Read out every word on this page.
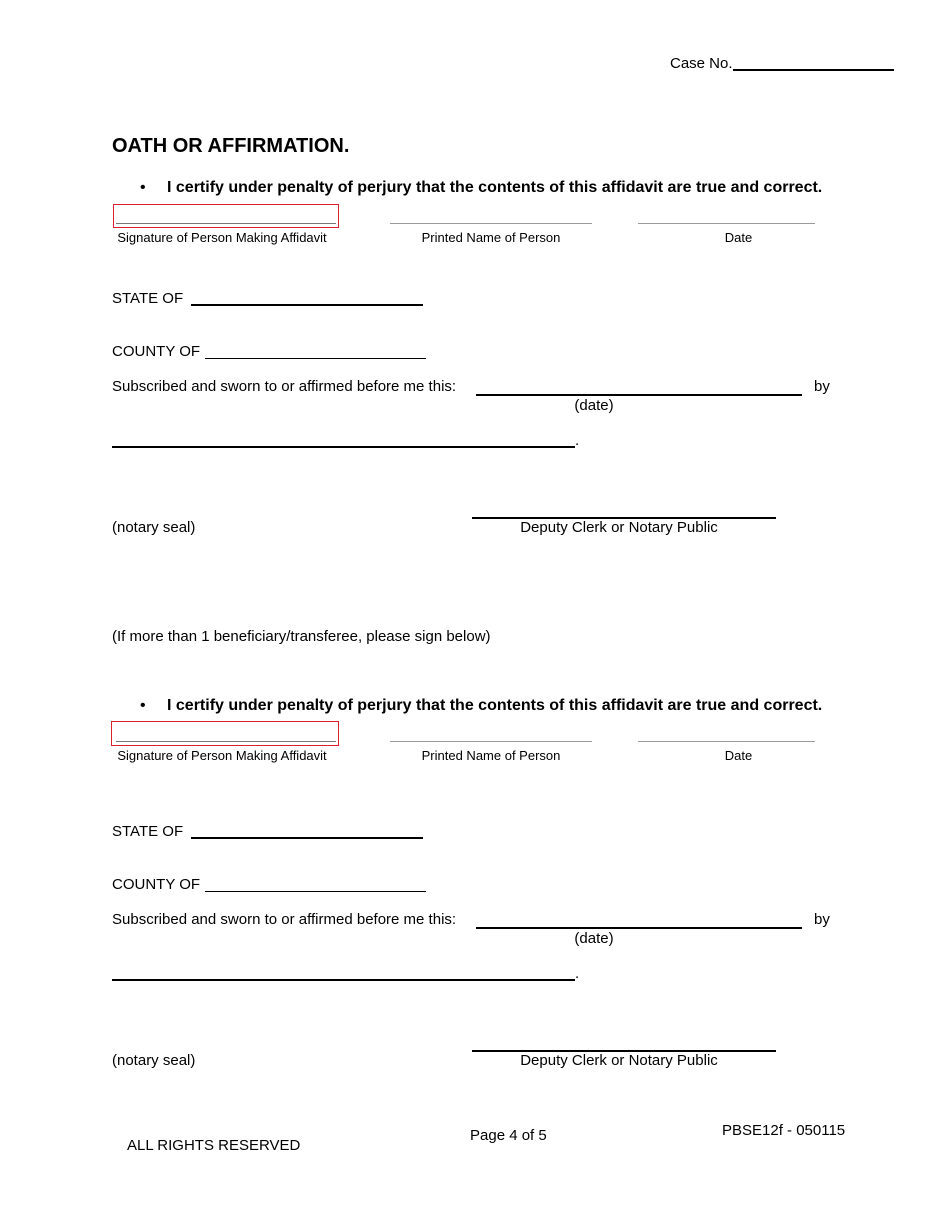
Case No.
OATH OR AFFIRMATION.
• I certify under penalty of perjury that the contents of this affidavit are true and correct.
Signature of Person Making Affidavit	Printed Name of Person	Date
STATE OF
COUNTY OF
Subscribed and sworn to or affirmed before me this:	by
(date)
.
(notary seal)	Deputy Clerk or Notary Public
(If more than 1 beneficiary/transferee, please sign below)
• I certify under penalty of perjury that the contents of this affidavit are true and correct.
Signature of Person Making Affidavit	Printed Name of Person	Date
STATE OF
COUNTY OF
Subscribed and sworn to or affirmed before me this:	by
(date)
.
(notary seal)	Deputy Clerk or Notary Public
ALL RIGHTS RESERVED
Page 4 of 5	PBSE12f - 050115
